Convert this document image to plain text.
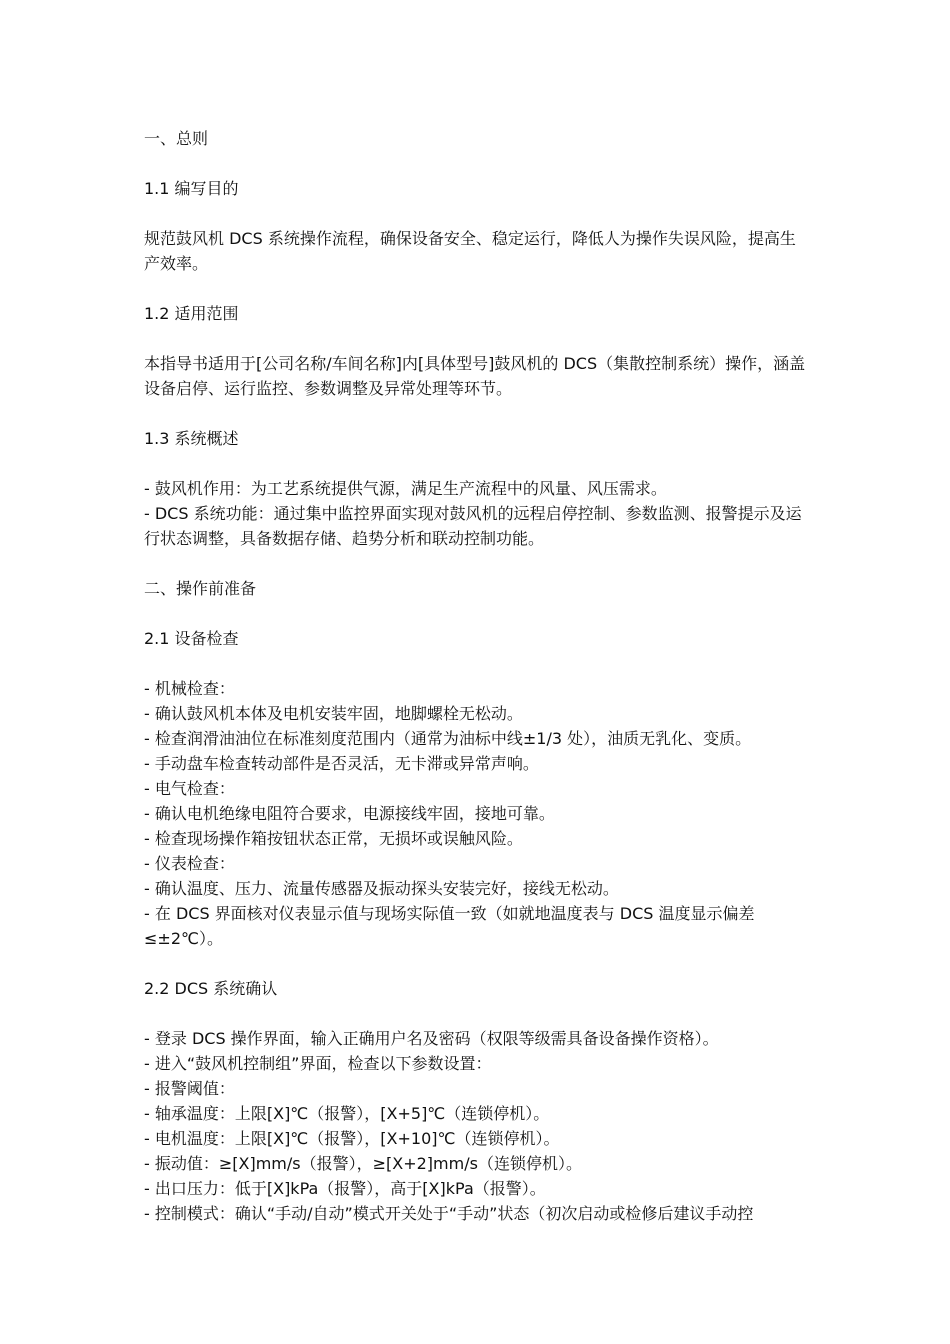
一、总则

1.1 编写目的

规范鼓风机 DCS 系统操作流程，确保设备安全、稳定运行，降低人为操作失误风险，提高生产效率。

1.2 适用范围

本指导书适用于[公司名称/车间名称]内[具体型号]鼓风机的 DCS（集散控制系统）操作，涵盖设备启停、运行监控、参数调整及异常处理等环节。

1.3 系统概述

- 鼓风机作用：为工艺系统提供气源，满足生产流程中的风量、风压需求。

- DCS 系统功能：通过集中监控界面实现对鼓风机的远程启停控制、参数监测、报警提示及运行状态调整，具备数据存储、趋势分析和联动控制功能。

二、操作前准备

2.1 设备检查

- 机械检查：

- 确认鼓风机本体及电机安装牢固，地脚螺栓无松动。

- 检查润滑油油位在标准刻度范围内（通常为油标中线±1/3 处），油质无乳化、变质。

- 手动盘车检查转动部件是否灵活，无卡滞或异常声响。

- 电气检查：

- 确认电机绝缘电阻符合要求，电源接线牢固，接地可靠。

- 检查现场操作箱按钮状态正常，无损坏或误触风险。

- 仪表检查：

- 确认温度、压力、流量传感器及振动探头安装完好，接线无松动。

- 在 DCS 界面核对仪表显示值与现场实际值一致（如就地温度表与 DCS 温度显示偏差≤±2℃）。

2.2 DCS 系统确认

- 登录 DCS 操作界面，输入正确用户名及密码（权限等级需具备设备操作资格）。

- 进入“鼓风机控制组”界面，检查以下参数设置：

- 报警阈值：

- 轴承温度：上限[X]℃（报警），[X+5]℃（连锁停机）。

- 电机温度：上限[X]℃（报警），[X+10]℃（连锁停机）。

- 振动值：≥[X]mm/s（报警），≥[X+2]mm/s（连锁停机）。

- 出口压力：低于[X]kPa（报警），高于[X]kPa（报警）。

- 控制模式：确认“手动/自动”模式开关处于“手动”状态（初次启动或检修后建议手动控
